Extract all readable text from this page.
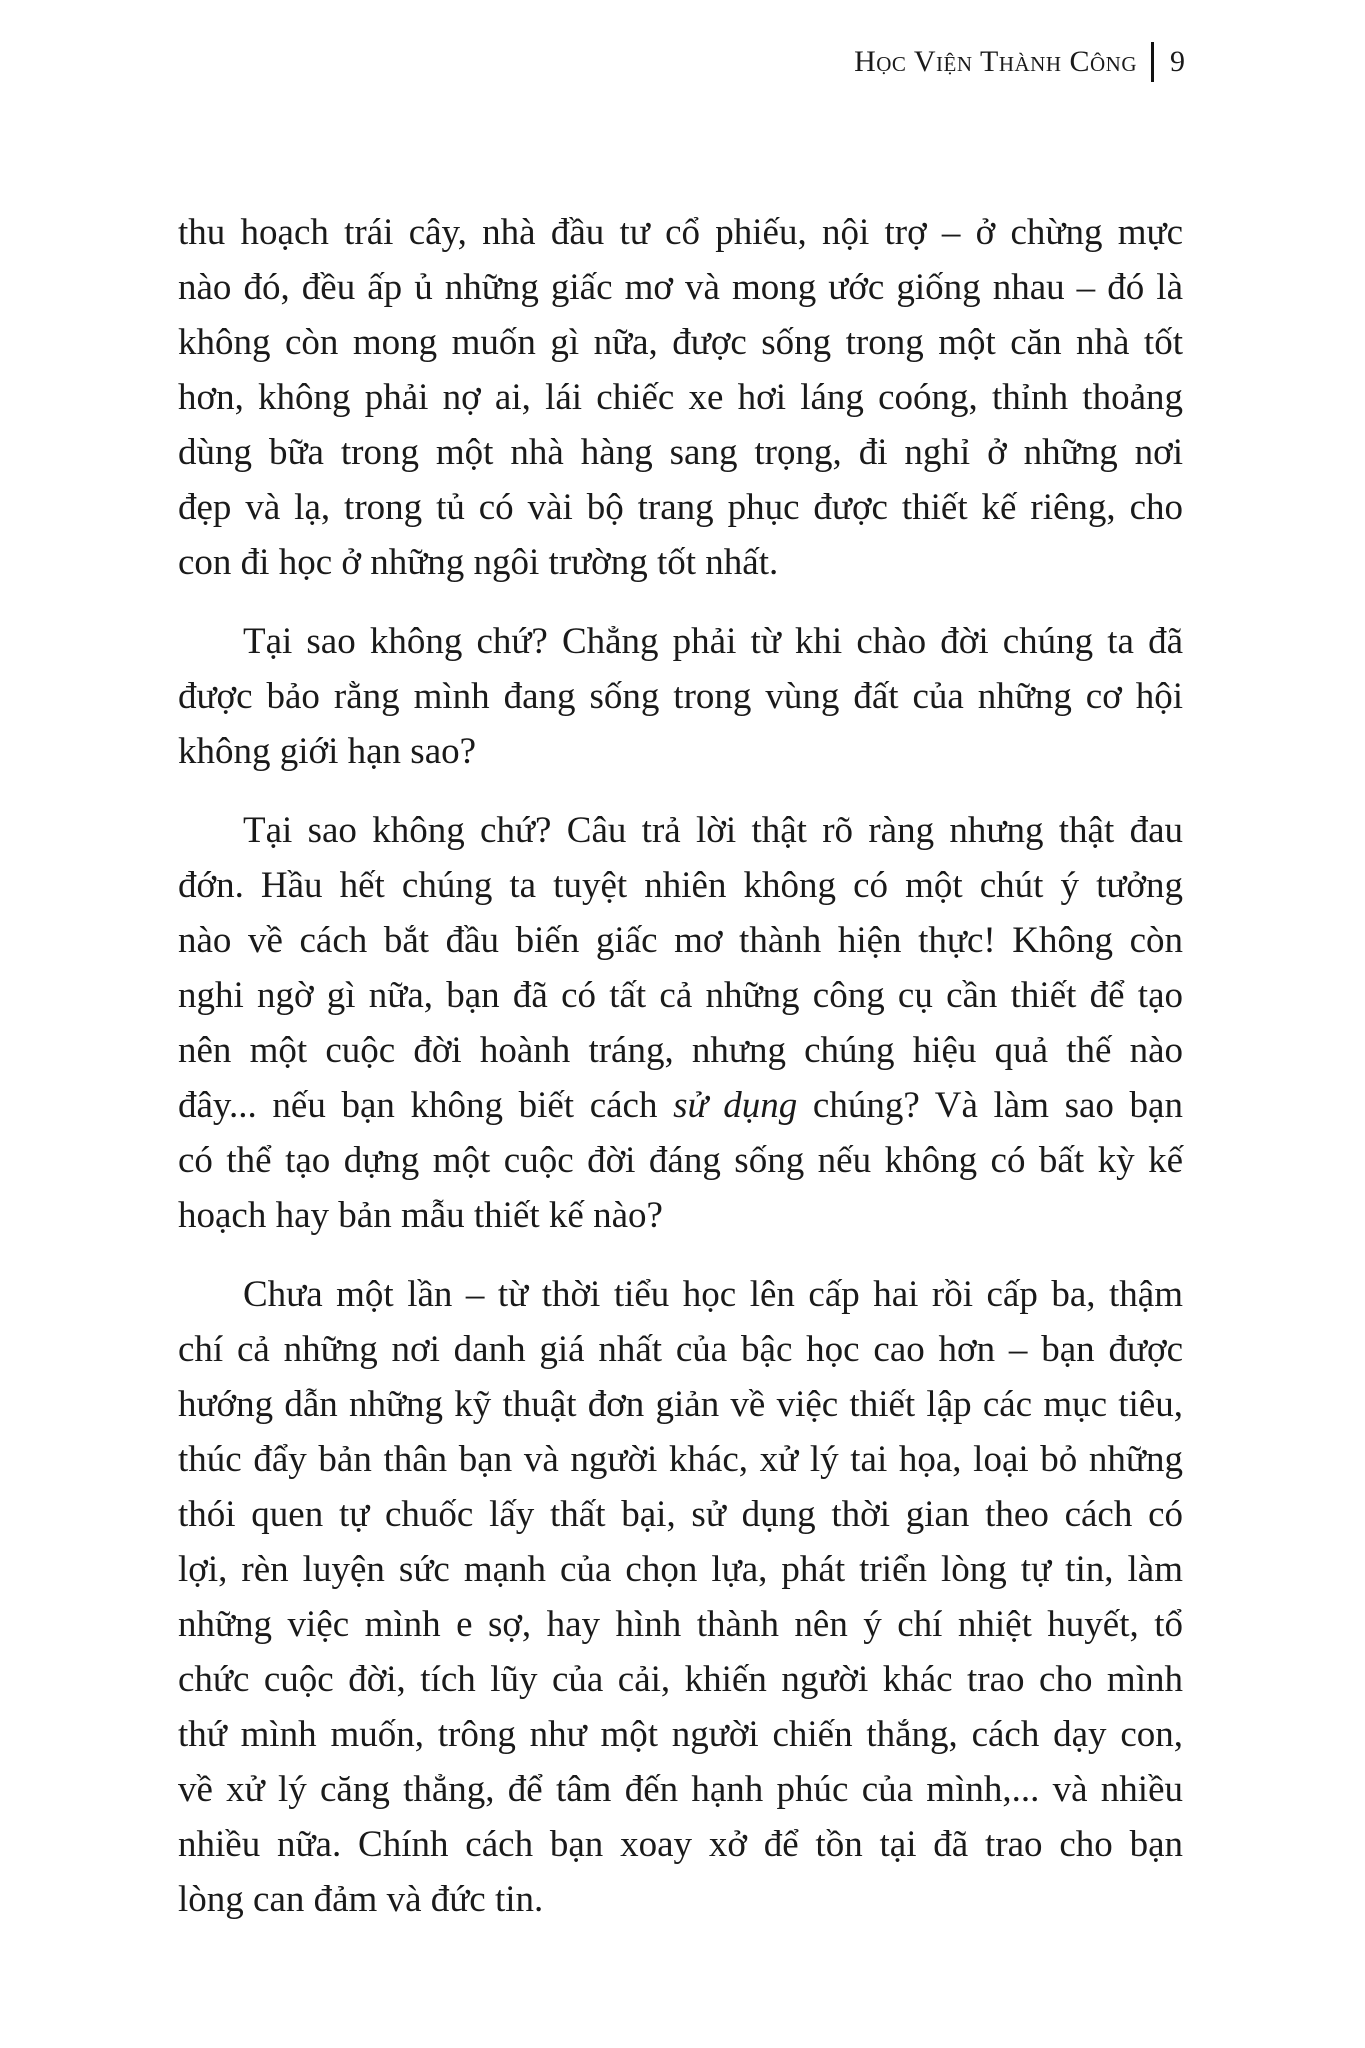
Học Viện Thành Công 9
thu hoạch trái cây, nhà đầu tư cổ phiếu, nội trợ – ở chừng mực
nào đó, đều ấp ủ những giấc mơ và mong ước giống nhau – đó là
không còn mong muốn gì nữa, được sống trong một căn nhà tốt
hơn, không phải nợ ai, lái chiếc xe hơi láng coóng, thỉnh thoảng
dùng bữa trong một nhà hàng sang trọng, đi nghỉ ở những nơi
đẹp và lạ, trong tủ có vài bộ trang phục được thiết kế riêng, cho
con đi học ở những ngôi trường tốt nhất.
Tại sao không chứ? Chẳng phải từ khi chào đời chúng ta đã
được bảo rằng mình đang sống trong vùng đất của những cơ hội
không giới hạn sao?
Tại sao không chứ? Câu trả lời thật rõ ràng nhưng thật đau
đớn. Hầu hết chúng ta tuyệt nhiên không có một chút ý tưởng
nào về cách bắt đầu biến giấc mơ thành hiện thực! Không còn
nghi ngờ gì nữa, bạn đã có tất cả những công cụ cần thiết để tạo
nên một cuộc đời hoành tráng, nhưng chúng hiệu quả thế nào
đây... nếu bạn không biết cách sử dụng chúng? Và làm sao bạn
có thể tạo dựng một cuộc đời đáng sống nếu không có bất kỳ kế
hoạch hay bản mẫu thiết kế nào?
Chưa một lần – từ thời tiểu học lên cấp hai rồi cấp ba, thậm
chí cả những nơi danh giá nhất của bậc học cao hơn – bạn được
hướng dẫn những kỹ thuật đơn giản về việc thiết lập các mục tiêu,
thúc đẩy bản thân bạn và người khác, xử lý tai họa, loại bỏ những
thói quen tự chuốc lấy thất bại, sử dụng thời gian theo cách có
lợi, rèn luyện sức mạnh của chọn lựa, phát triển lòng tự tin, làm
những việc mình e sợ, hay hình thành nên ý chí nhiệt huyết, tổ
chức cuộc đời, tích lũy của cải, khiến người khác trao cho mình
thứ mình muốn, trông như một người chiến thắng, cách dạy con,
về xử lý căng thẳng, để tâm đến hạnh phúc của mình,... và nhiều
nhiều nữa. Chính cách bạn xoay xở để tồn tại đã trao cho bạn
lòng can đảm và đức tin.
